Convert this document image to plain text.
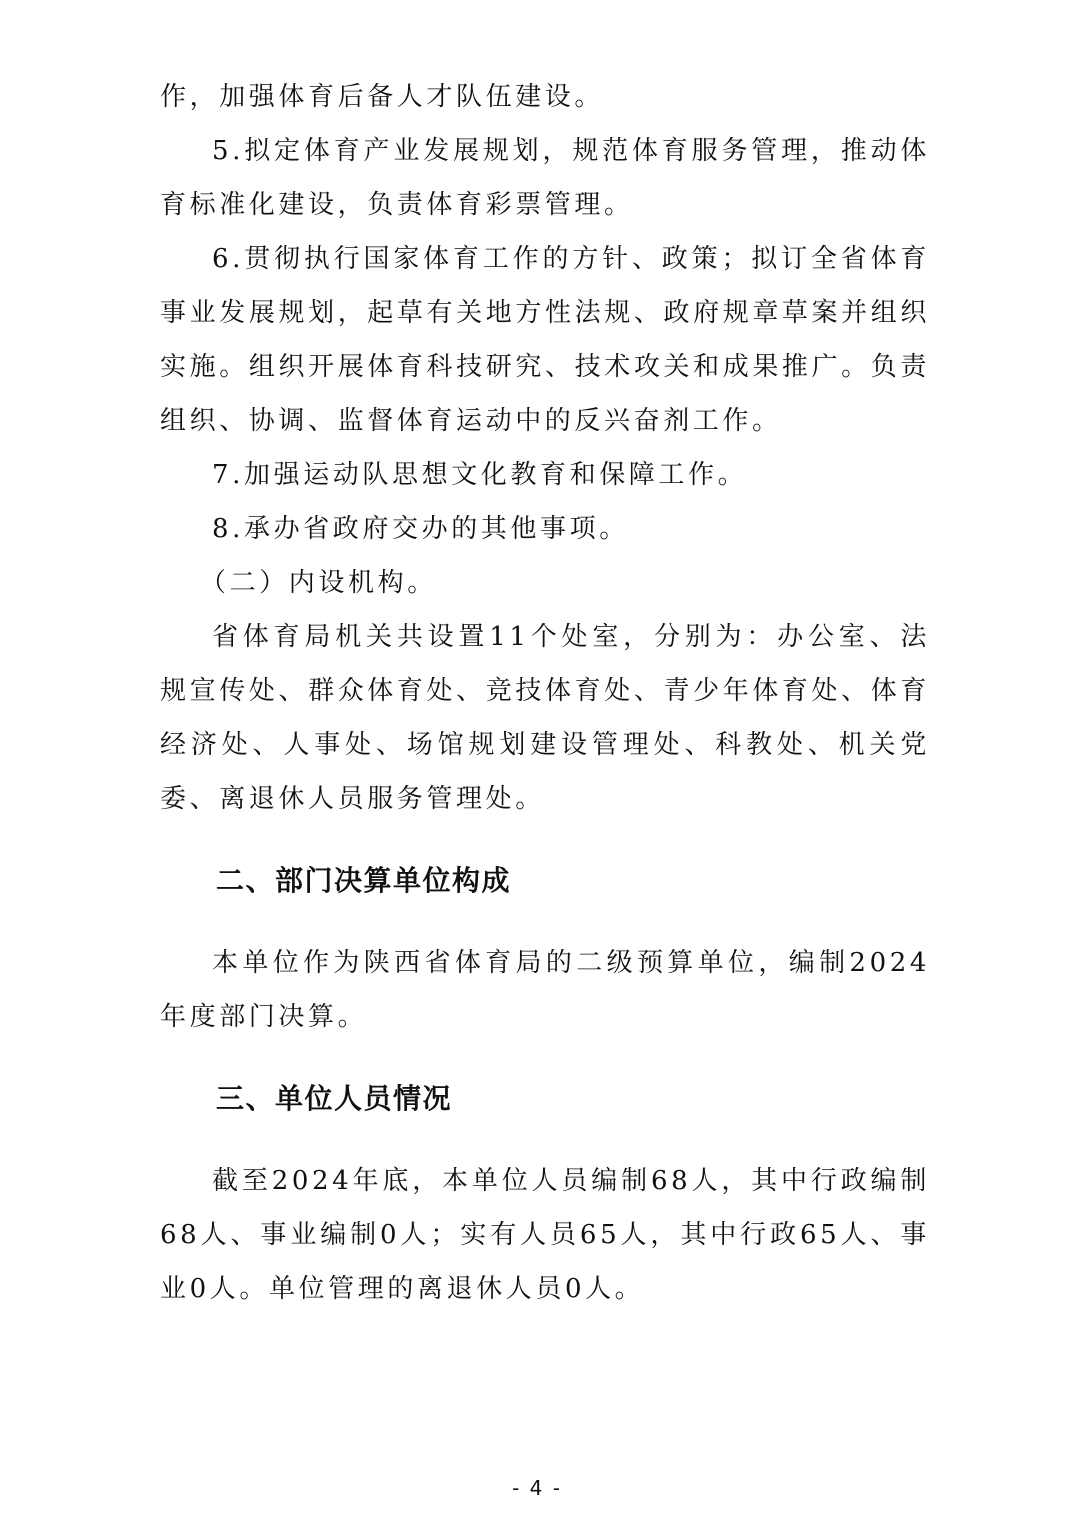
作，加强体育后备人才队伍建设。

5.拟定体育产业发展规划，规范体育服务管理，推动体育标准化建设，负责体育彩票管理。

6.贯彻执行国家体育工作的方针、政策；拟订全省体育事业发展规划，起草有关地方性法规、政府规章草案并组织实施。组织开展体育科技研究、技术攻关和成果推广。负责组织、协调、监督体育运动中的反兴奋剂工作。

7.加强运动队思想文化教育和保障工作。

8.承办省政府交办的其他事项。

（二）内设机构。

省体育局机关共设置11个处室，分别为：办公室、法规宣传处、群众体育处、竞技体育处、青少年体育处、体育经济处、人事处、场馆规划建设管理处、科教处、机关党委、离退休人员服务管理处。

二、部门决算单位构成

本单位作为陕西省体育局的二级预算单位，编制2024年度部门决算。

三、单位人员情况

截至2024年底，本单位人员编制68人，其中行政编制68人、事业编制0人；实有人员65人，其中行政65人、事业0人。单位管理的离退休人员0人。

- 4 -
